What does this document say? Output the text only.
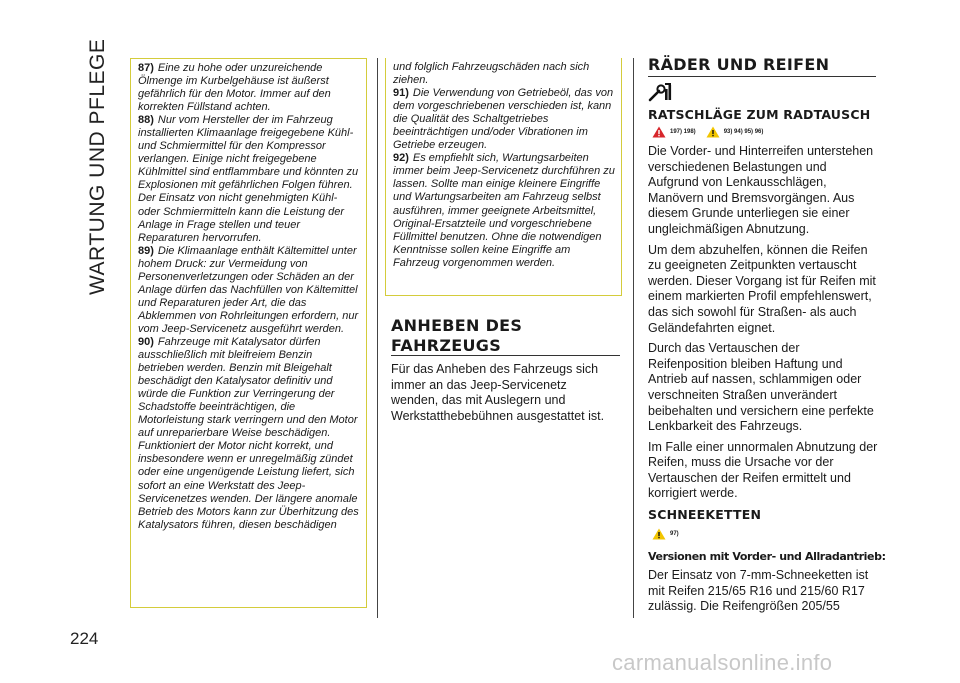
WARTUNG UND PFLEGE
224

87) Eine zu hohe oder unzureichende Ölmenge im Kurbelgehäuse ist äußerst gefährlich für den Motor. Immer auf den korrekten Füllstand achten.

88) Nur vom Hersteller der im Fahrzeug installierten Klimaanlage freigegebene Kühl- und Schmiermittel für den Kompressor verlangen. Einige nicht freigegebene Kühlmittel sind entflammbare und könnten zu Explosionen mit gefährlichen Folgen führen. Der Einsatz von nicht genehmigten Kühl- oder Schmiermitteln kann die Leistung der Anlage in Frage stellen und teuer Reparaturen hervorrufen.

89) Die Klimaanlage enthält Kältemittel unter hohem Druck: zur Vermeidung von Personenverletzungen oder Schäden an der Anlage dürfen das Nachfüllen von Kältemittel und Reparaturen jeder Art, die das Abklemmen von Rohrleitungen erfordern, nur vom Jeep-Servicenetz ausgeführt werden.

90) Fahrzeuge mit Katalysator dürfen ausschließlich mit bleifreiem Benzin betrieben werden. Benzin mit Bleigehalt beschädigt den Katalysator definitiv und würde die Funktion zur Verringerung der Schadstoffe beeinträchtigen, die Motorleistung stark verringern und den Motor auf unreparierbare Weise beschädigen. Funktioniert der Motor nicht korrekt, und insbesondere wenn er unregelmäßig zündet oder eine ungenügende Leistung liefert, sich sofort an eine Werkstatt des Jeep-Servicenetzes wenden. Der längere anomale Betrieb des Motors kann zur Überhitzung des Katalysators führen, diesen beschädigen

und folglich Fahrzeugschäden nach sich ziehen.

91) Die Verwendung von Getriebeöl, das von dem vorgeschriebenen verschieden ist, kann die Qualität des Schaltgetriebes beeinträchtigen und/oder Vibrationen im Getriebe erzeugen.

92) Es empfiehlt sich, Wartungsarbeiten immer beim Jeep-Servicenetz durchführen zu lassen. Sollte man einige kleinere Eingriffe und Wartungsarbeiten am Fahrzeug selbst ausführen, immer geeignete Arbeitsmittel, Original-Ersatzteile und vorgeschriebene Füllmittel benutzen. Ohne die notwendigen Kenntnisse sollen keine Eingriffe am Fahrzeug vorgenommen werden.

ANHEBEN DES
FAHRZEUGS
Für das Anheben des Fahrzeugs sich immer an das Jeep-Servicenetz wenden, das mit Auslegern und Werkstatthebebühnen ausgestattet ist.
RÄDER UND REIFEN
RATSCHLÄGE ZUM RADTAUSCH
197) 198)	93) 94) 95) 96)

Die Vorder- und Hinterreifen unterstehen verschiedenen Belastungen und Aufgrund von Lenkausschlägen, Manövern und Bremsvorgängen. Aus diesem Grunde unterliegen sie einer ungleichmäßigen Abnutzung.

Um dem abzuhelfen, können die Reifen zu geeigneten Zeitpunkten vertauscht werden. Dieser Vorgang ist für Reifen mit einem markierten Profil empfehlenswert, das sich sowohl für Straßen- als auch Geländefahrten eignet.

Durch das Vertauschen der Reifenposition bleiben Haftung und Antrieb auf nassen, schlammigen oder verschneiten Straßen unverändert beibehalten und versichern eine perfekte Lenkbarkeit des Fahrzeugs.

Im Falle einer unnormalen Abnutzung der Reifen, muss die Ursache vor der Vertauschen der Reifen ermittelt und korrigiert werde.

SCHNEEKETTEN
97)
Versionen mit Vorder- und Allradantrieb:
Der Einsatz von 7-mm-Schneeketten ist mit Reifen 215/65 R16 und 215/60 R17 zulässig. Die Reifengrößen 205/55
carmanualsonline.info
